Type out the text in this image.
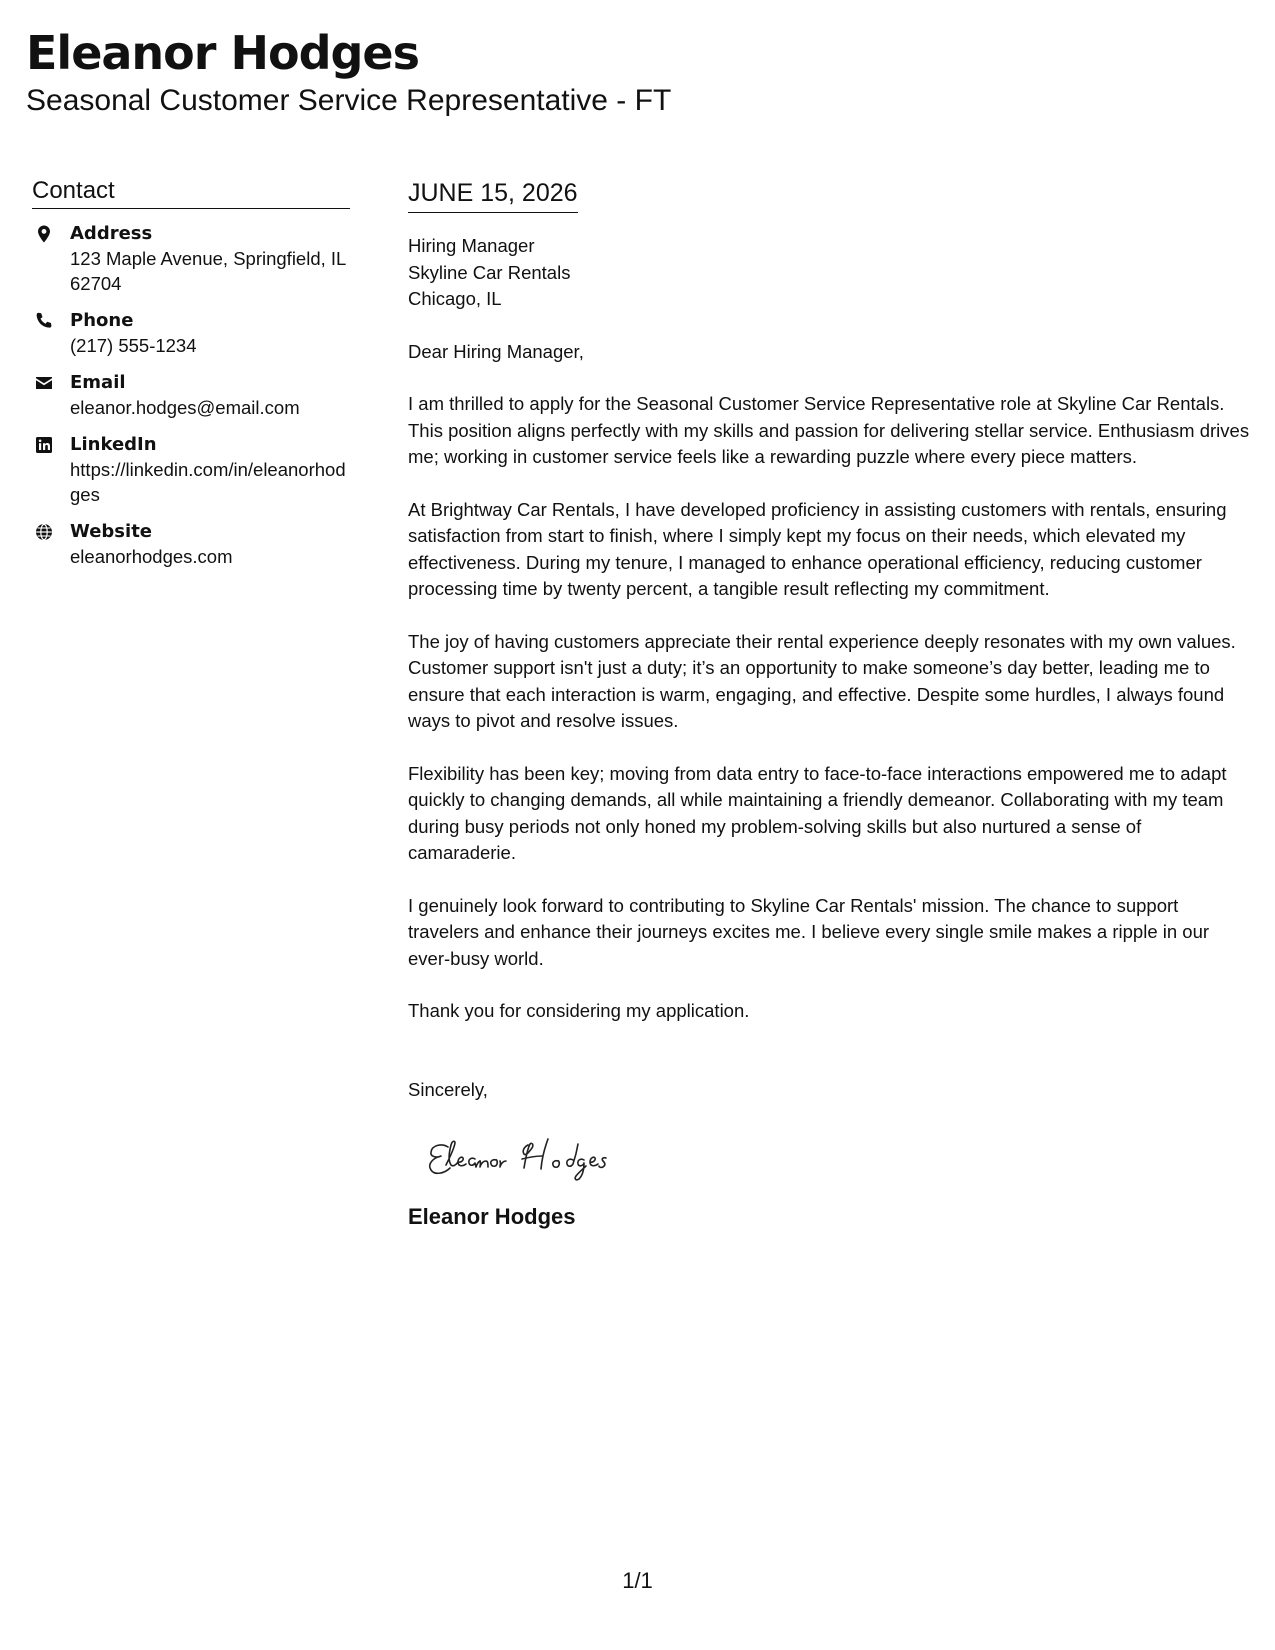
Eleanor Hodges
Seasonal Customer Service Representative - FT
Contact
Address
123 Maple Avenue, Springfield, IL 62704
Phone
(217) 555-1234
Email
eleanor.hodges@email.com
LinkedIn
https://linkedin.com/in/eleanorhodges
Website
eleanorhodges.com
JUNE 15, 2026
Hiring Manager
Skyline Car Rentals
Chicago, IL
Dear Hiring Manager,
I am thrilled to apply for the Seasonal Customer Service Representative role at Skyline Car Rentals. This position aligns perfectly with my skills and passion for delivering stellar service. Enthusiasm drives me; working in customer service feels like a rewarding puzzle where every piece matters.
At Brightway Car Rentals, I have developed proficiency in assisting customers with rentals, ensuring satisfaction from start to finish, where I simply kept my focus on their needs, which elevated my effectiveness. During my tenure, I managed to enhance operational efficiency, reducing customer processing time by twenty percent, a tangible result reflecting my commitment.
The joy of having customers appreciate their rental experience deeply resonates with my own values. Customer support isn't just a duty; it’s an opportunity to make someone’s day better, leading me to ensure that each interaction is warm, engaging, and effective. Despite some hurdles, I always found ways to pivot and resolve issues.
Flexibility has been key; moving from data entry to face-to-face interactions empowered me to adapt quickly to changing demands, all while maintaining a friendly demeanor. Collaborating with my team during busy periods not only honed my problem-solving skills but also nurtured a sense of camaraderie.
I genuinely look forward to contributing to Skyline Car Rentals' mission. The chance to support travelers and enhance their journeys excites me. I believe every single smile makes a ripple in our ever-busy world.
Thank you for considering my application.
Sincerely,
Eleanor Hodges
1/1
